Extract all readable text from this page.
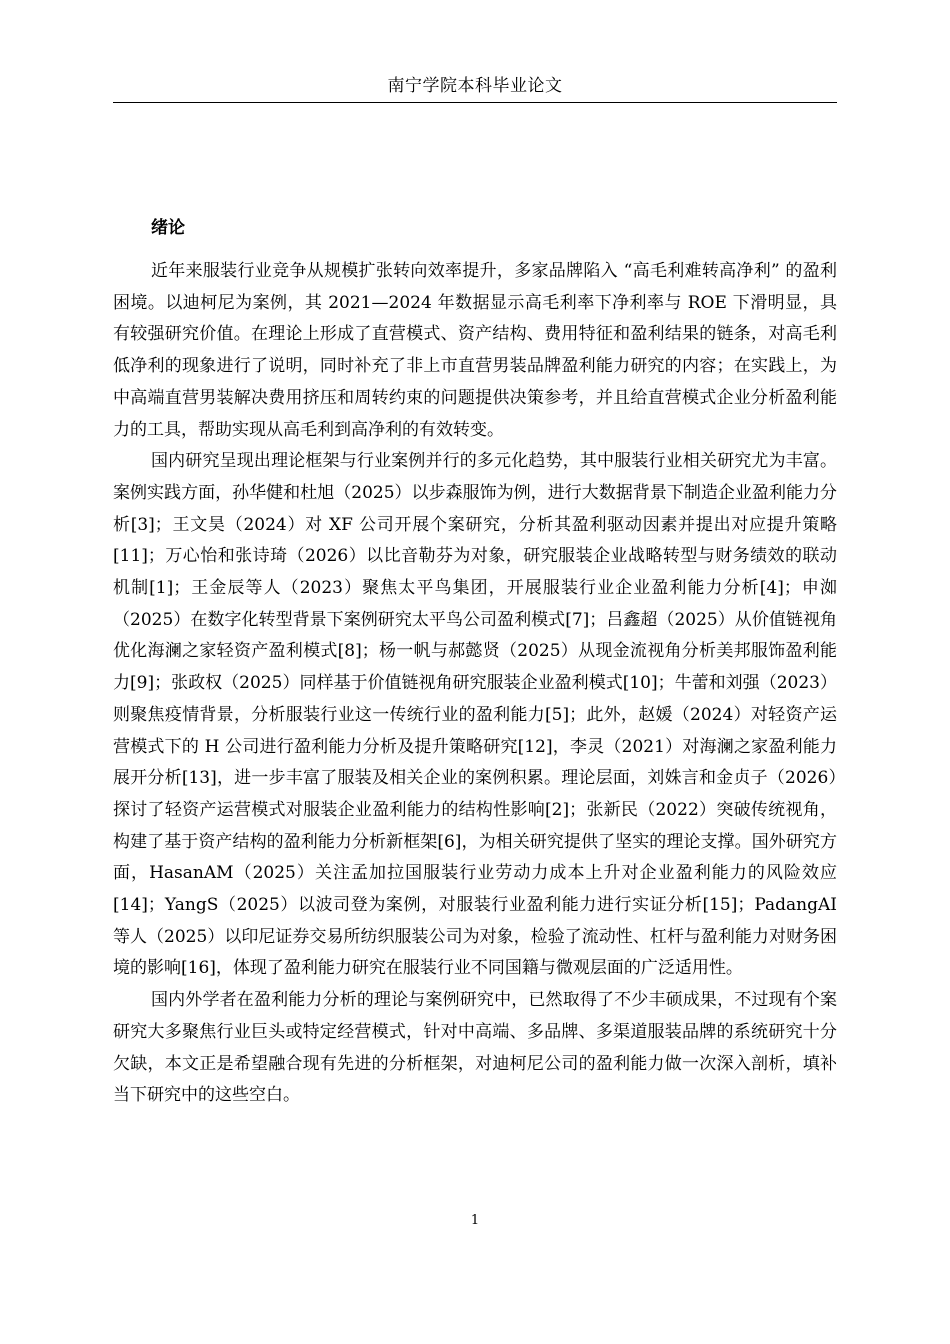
南宁学院本科毕业论文
绪论

近年来服装行业竞争从规模扩张转向效率提升，多家品牌陷入 “高毛利难转高净利” 的盈利困境。以迪柯尼为案例，其 2021—2024 年数据显示高毛利率下净利率与 ROE 下滑明显，具有较强研究价值。在理论上形成了直营模式、资产结构、费用特征和盈利结果的链条，对高毛利低净利的现象进行了说明，同时补充了非上市直营男装品牌盈利能力研究的内容；在实践上，为中高端直营男装解决费用挤压和周转约束的问题提供决策参考，并且给直营模式企业分析盈利能力的工具，帮助实现从高毛利到高净利的有效转变。

国内研究呈现出理论框架与行业案例并行的多元化趋势，其中服装行业相关研究尤为丰富。案例实践方面，孙华健和杜旭（2025）以步森服饰为例，进行大数据背景下制造企业盈利能力分析[3]；王文昊（2024）对 XF 公司开展个案研究，分析其盈利驱动因素并提出对应提升策略[11]；万心怡和张诗琦（2026）以比音勒芬为对象，研究服装企业战略转型与财务绩效的联动机制[1]；王金辰等人（2023）聚焦太平鸟集团，开展服装行业企业盈利能力分析[4]；申洳（2025）在数字化转型背景下案例研究太平鸟公司盈利模式[7]；吕鑫超（2025）从价值链视角优化海澜之家轻资产盈利模式[8]；杨一帆与郝懿贤（2025）从现金流视角分析美邦服饰盈利能力[9]；张政权（2025）同样基于价值链视角研究服装企业盈利模式[10]；牛蕾和刘强（2023）则聚焦疫情背景，分析服装行业这一传统行业的盈利能力[5]；此外，赵媛（2024）对轻资产运营模式下的 H 公司进行盈利能力分析及提升策略研究[12]，李灵（2021）对海澜之家盈利能力展开分析[13]，进一步丰富了服装及相关企业的案例积累。理论层面，刘姝言和金贞子（2026）探讨了轻资产运营模式对服装企业盈利能力的结构性影响[2]；张新民（2022）突破传统视角，构建了基于资产结构的盈利能力分析新框架[6]，为相关研究提供了坚实的理论支撑。国外研究方面，HasanAM（2025）关注孟加拉国服装行业劳动力成本上升对企业盈利能力的风险效应[14]；YangS（2025）以波司登为案例，对服装行业盈利能力进行实证分析[15]；PadangAI 等人（2025）以印尼证券交易所纺织服装公司为对象，检验了流动性、杠杆与盈利能力对财务困境的影响[16]，体现了盈利能力研究在服装行业不同国籍与微观层面的广泛适用性。

国内外学者在盈利能力分析的理论与案例研究中，已然取得了不少丰硕成果，不过现有个案研究大多聚焦行业巨头或特定经营模式，针对中高端、多品牌、多渠道服装品牌的系统研究十分欠缺，本文正是希望融合现有先进的分析框架，对迪柯尼公司的盈利能力做一次深入剖析，填补当下研究中的这些空白。

1
